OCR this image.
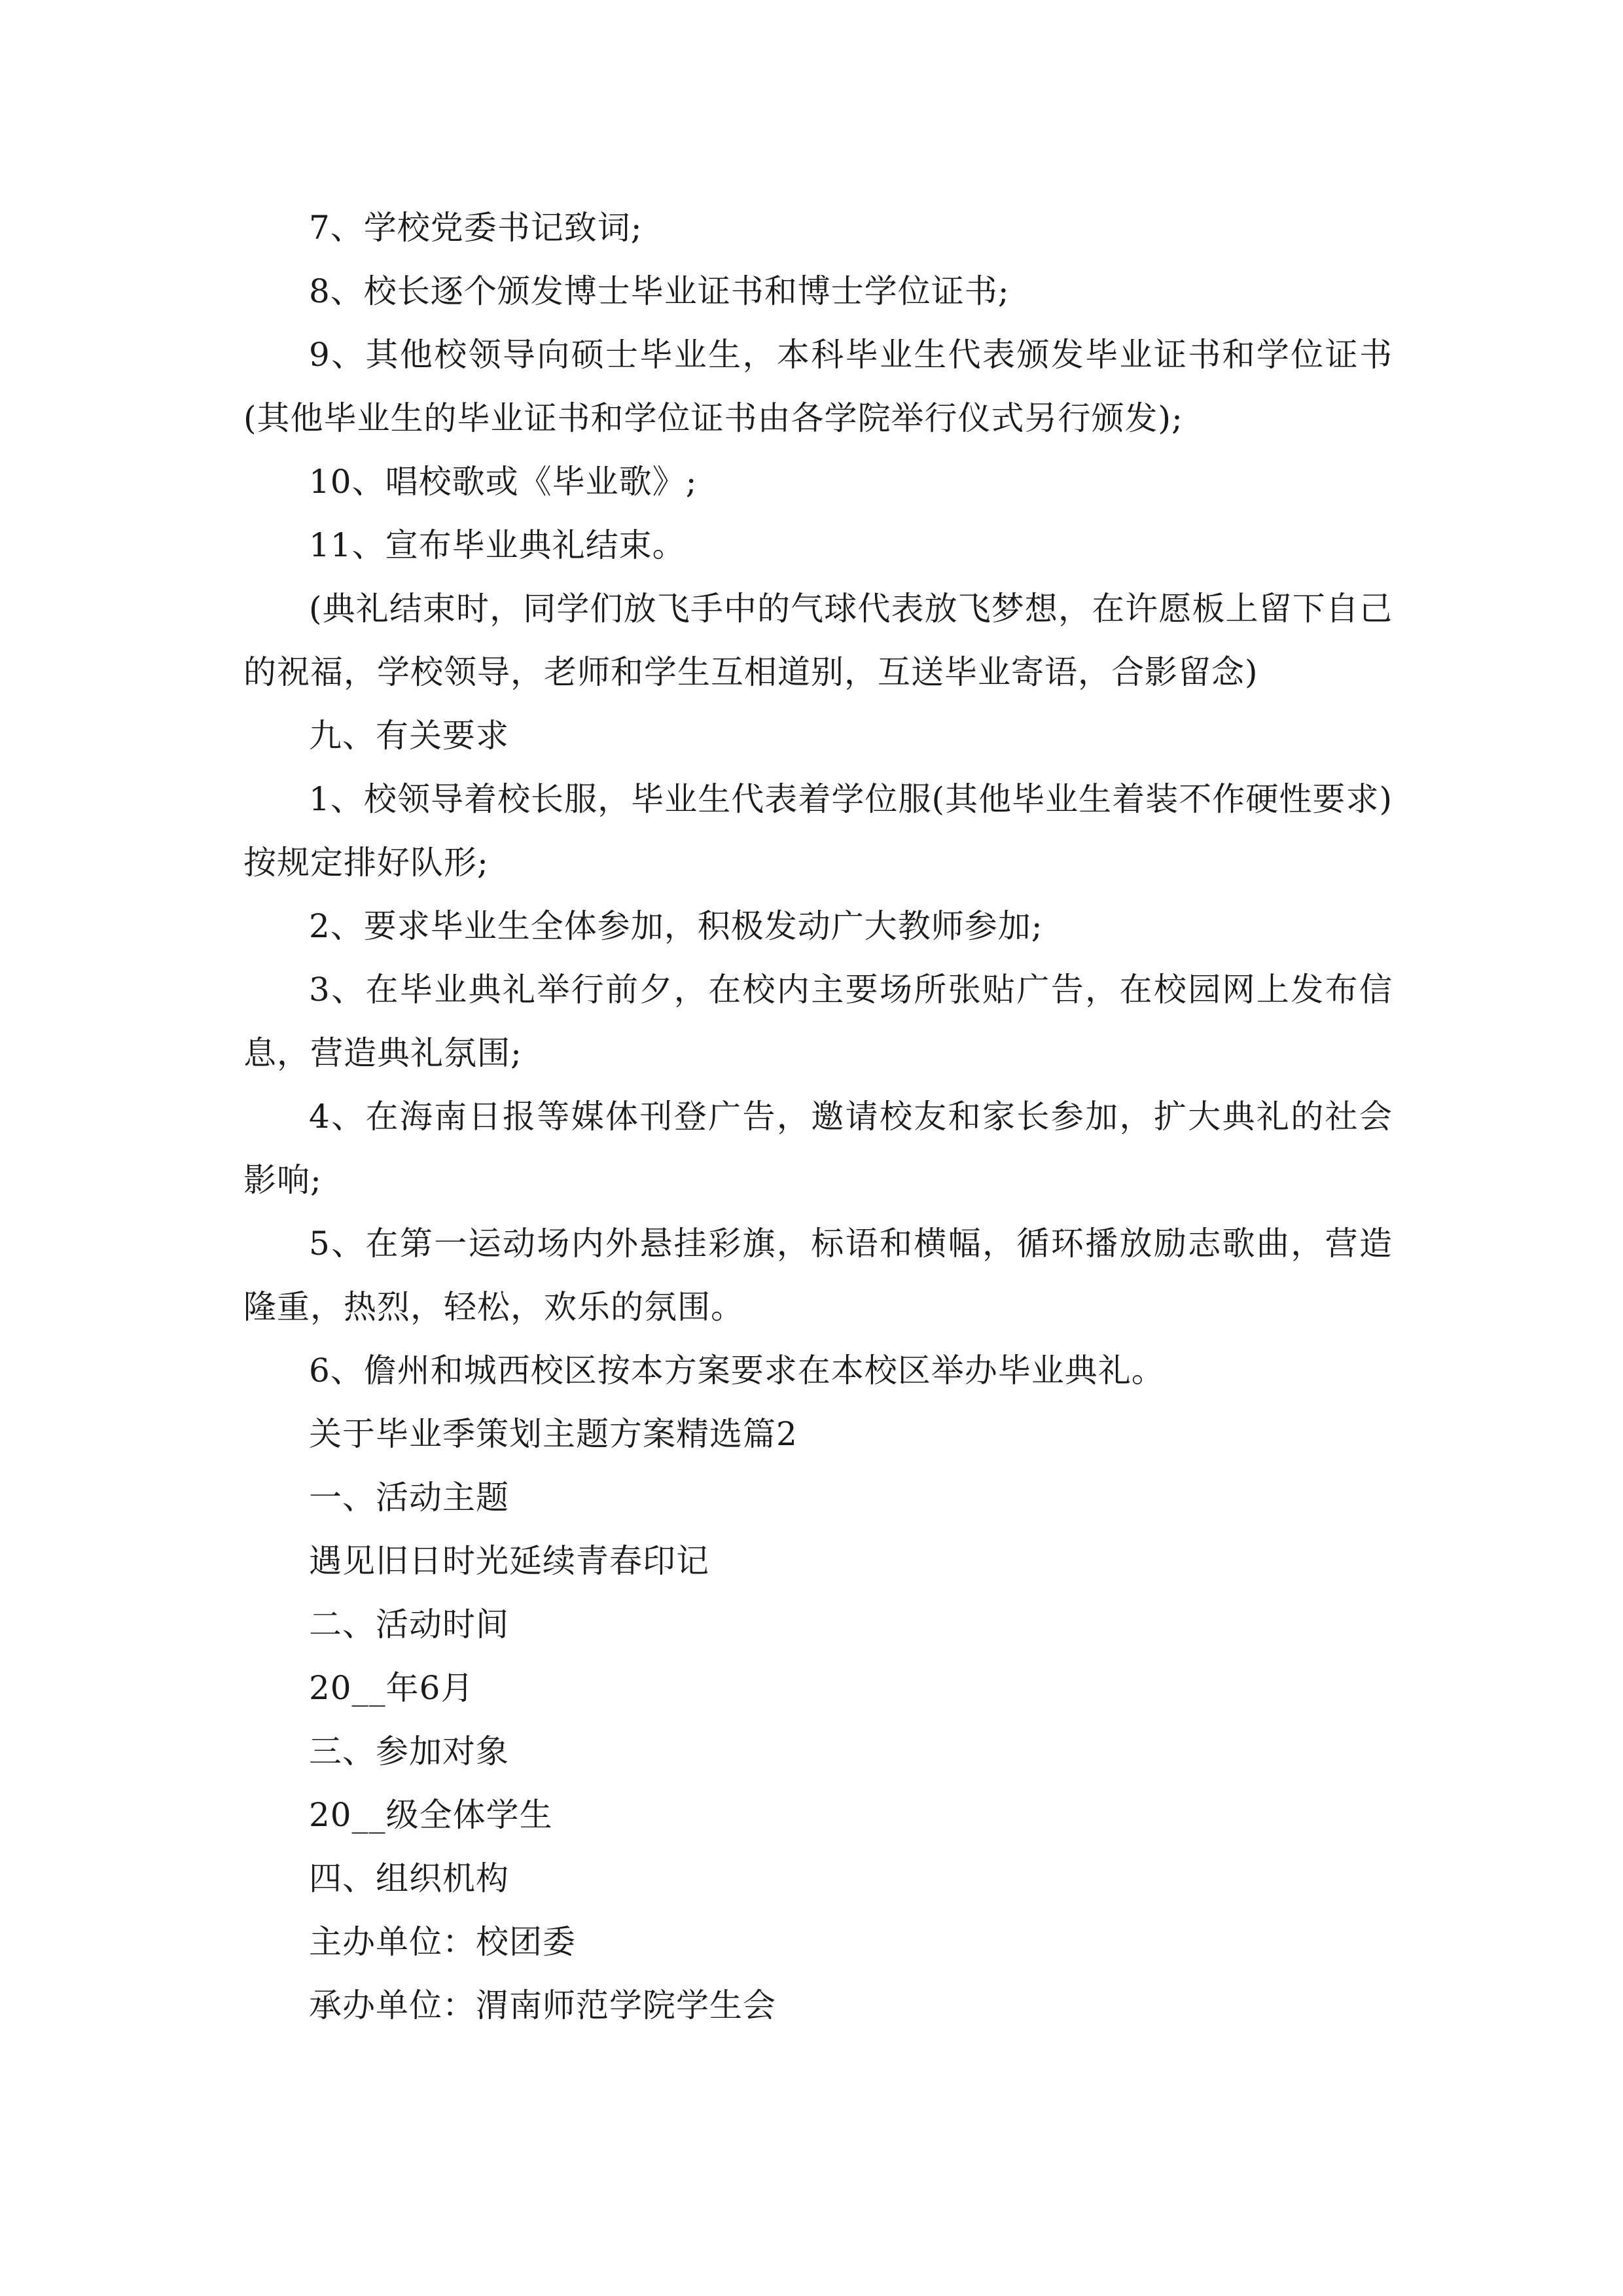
7、学校党委书记致词;

8、校长逐个颁发博士毕业证书和博士学位证书;

9、其他校领导向硕士毕业生，本科毕业生代表颁发毕业证书和学位证书(其他毕业生的毕业证书和学位证书由各学院举行仪式另行颁发);

10、唱校歌或《毕业歌》;

11、宣布毕业典礼结束。

(典礼结束时，同学们放飞手中的气球代表放飞梦想，在许愿板上留下自己的祝福，学校领导，老师和学生互相道别，互送毕业寄语，合影留念)

九、有关要求

1、校领导着校长服，毕业生代表着学位服(其他毕业生着装不作硬性要求)按规定排好队形;

2、要求毕业生全体参加，积极发动广大教师参加;

3、在毕业典礼举行前夕，在校内主要场所张贴广告，在校园网上发布信息，营造典礼氛围;

4、在海南日报等媒体刊登广告，邀请校友和家长参加，扩大典礼的社会影响;

5、在第一运动场内外悬挂彩旗，标语和横幅，循环播放励志歌曲，营造隆重，热烈，轻松，欢乐的氛围。

6、儋州和城西校区按本方案要求在本校区举办毕业典礼。

关于毕业季策划主题方案精选篇2

一、活动主题

遇见旧日时光延续青春印记

二、活动时间

20__年6月

三、参加对象

20__级全体学生

四、组织机构

主办单位：校团委

承办单位：渭南师范学院学生会
